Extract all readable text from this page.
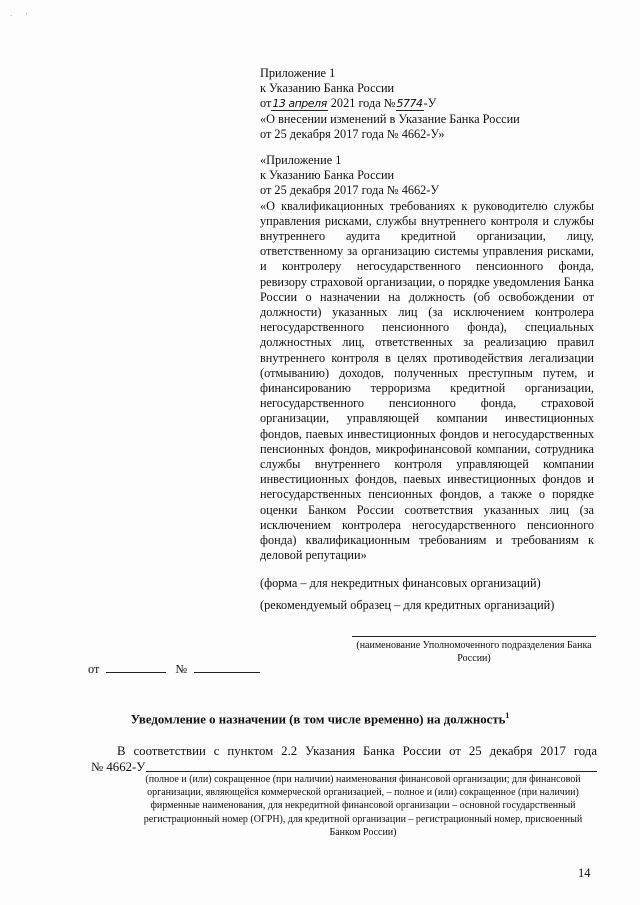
· '
Приложение 1
к Указанию Банка России
от13 апреля 2021 года №5774-У
«О внесении изменений в Указание Банка России
от 25 декабря 2017 года № 4662-У»
«Приложение 1
к Указанию Банка России
от 25 декабря 2017 года № 4662-У
«О квалификационных требованиях к руководителю службы управления рисками, службы внутреннего контроля и службы внутреннего аудита кредитной организации, лицу, ответственному за организацию системы управления рисками, и контролеру негосударственного пенсионного фонда, ревизору страховой организации, о порядке уведомления Банка России о назначении на должность (об освобождении от должности) указанных лиц (за исключением контролера негосударственного пенсионного фонда), специальных должностных лиц, ответственных за реализацию правил внутреннего контроля в целях противодействия легализации (отмыванию) доходов, полученных преступным путем, и финансированию терроризма кредитной организации, негосударственного пенсионного фонда, страховой организации, управляющей компании инвестиционных фондов, паевых инвестиционных фондов и негосударственных пенсионных фондов, микрофинансовой компании, сотрудника службы внутреннего контроля управляющей компании инвестиционных фондов, паевых инвестиционных фондов и негосударственных пенсионных фондов, а также о порядке оценки Банком России соответствия указанных лиц (за исключением контролера негосударственного пенсионного фонда) квалификационным требованиям и требованиям к деловой репутации»
(форма – для некредитных финансовых организаций)
(рекомендуемый образец – для кредитных организаций)
(наименование Уполномоченного подразделения Банка России)
от	№
Уведомление о назначении (в том числе временно) на должность$^1$
В соответствии с пунктом 2.2 Указания Банка России от 25 декабря 2017 года
№ 4662-У
(полное и (или) сокращенное (при наличии) наименования финансовой организации; для финансовой организации, являющейся коммерческой организацией, – полное и (или) сокращенное (при наличии) фирменные наименования, для некредитной финансовой организации – основной государственный регистрационный номер (ОГРН), для кредитной организации – регистрационный номер, присвоенный Банком России)
14
